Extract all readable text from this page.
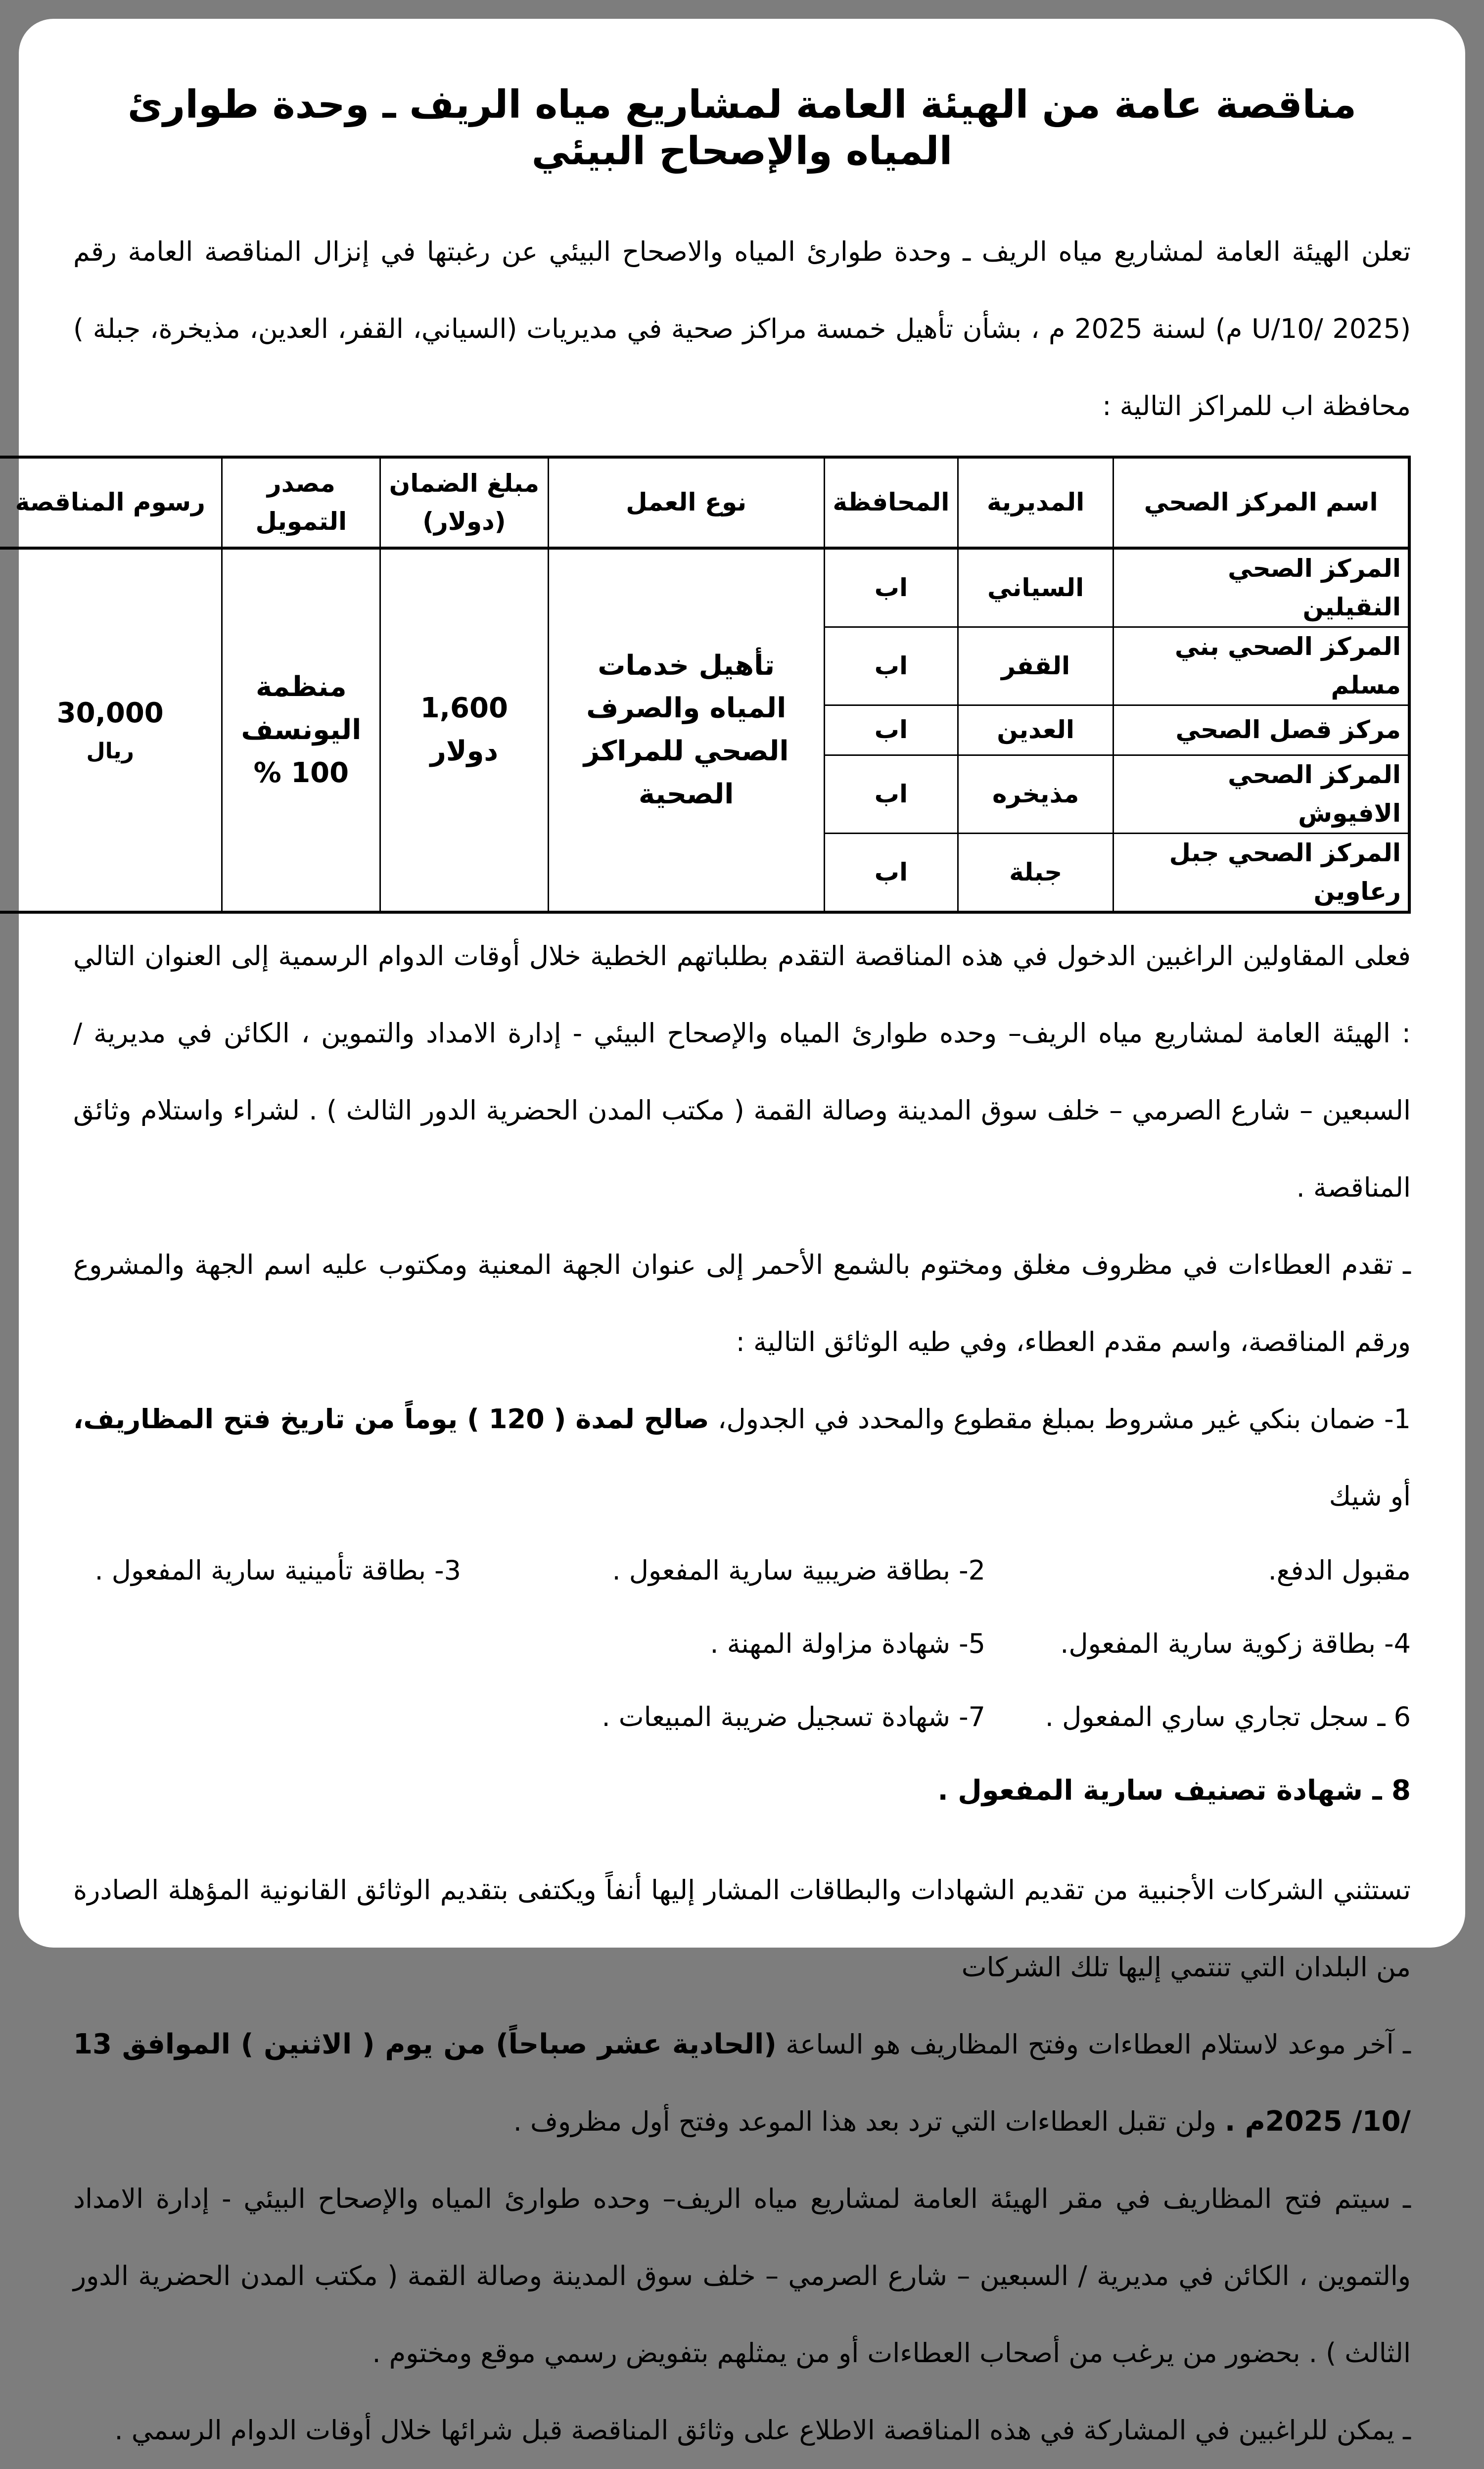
مناقصة عامة من الهيئة العامة لمشاريع مياه الريف ـ وحدة طوارئ المياه والإصحاح البيئي

تعلن الهيئة العامة لمشاريع مياه الريف ـ وحدة طوارئ المياه والاصحاح البيئي عن رغبتها في إنزال المناقصة العامة رقم (U/10/ 2025 م) لسنة 2025 م ، بشأن تأهيل خمسة مراكز صحية في مديريات (السياني، القفر، العدين، مذيخرة، جبلة ) محافظة اب للمراكز التالية :

اسم المركز الصحي	المديرية	المحافظة	نوع العمل	مبلغ الضمان (دولار)	مصدر التمويل	رسوم المناقصة
المركز الصحي النقيلين	السياني	اب	تأهيل خدمات المياه والصرف الصحي للمراكز الصحية	1,600 دولار	منظمة اليونسف 100 %	30,000
ريال

المركز الصحي بني مسلم	القفر	اب				
مركز قصل الصحي	العدين	اب				
المركز الصحي الافيوش	مذيخره	اب				
المركز الصحي جبل رعاوين	جبلة	اب				

فعلى المقاولين الراغبين الدخول في هذه المناقصة التقدم بطلباتهم الخطية خلال أوقات الدوام الرسمية إلى العنوان التالي : الهيئة العامة لمشاريع مياه الريف– وحده طوارئ المياه والإصحاح البيئي - إدارة الامداد والتموين ، الكائن في مديرية / السبعين – شارع الصرمي – خلف سوق المدينة وصالة القمة ( مكتب المدن الحضرية الدور الثالث ) . لشراء واستلام وثائق المناقصة .

ـ تقدم العطاءات في مظروف مغلق ومختوم بالشمع الأحمر إلى عنوان الجهة المعنية ومكتوب عليه اسم الجهة والمشروع ورقم المناقصة، واسم مقدم العطاء، وفي طيه الوثائق التالية :

1- ضمان بنكي غير مشروط بمبلغ مقطوع والمحدد في الجدول، صالح لمدة ( 120 ) يوماً من تاريخ فتح المظاريف، أو شيك

مقبول الدفع.
2- بطاقة ضريبية سارية المفعول .
3- بطاقة تأمينية سارية المفعول .
4- بطاقة زكوية سارية المفعول.
5- شهادة مزاولة المهنة .
6 ـ سجل تجاري ساري المفعول .
7- شهادة تسجيل ضريبة المبيعات .
8 ـ شهادة تصنيف سارية المفعول .

تستثني الشركات الأجنبية من تقديم الشهادات والبطاقات المشار إليها أنفاً ويكتفى بتقديم الوثائق القانونية المؤهلة الصادرة من البلدان التي تنتمي إليها تلك الشركات

ـ آخر موعد لاستلام العطاءات وفتح المظاريف هو الساعة (الحادية عشر صباحاً) من يوم ( الاثنين ) الموافق 13 /10/ 2025م . ولن تقبل العطاءات التي ترد بعد هذا الموعد وفتح أول مظروف .

ـ سيتم فتح المظاريف في مقر الهيئة العامة لمشاريع مياه الريف– وحده طوارئ المياه والإصحاح البيئي - إدارة الامداد والتموين ، الكائن في مديرية / السبعين – شارع الصرمي – خلف سوق المدينة وصالة القمة ( مكتب المدن الحضرية الدور الثالث ) . بحضور من يرغب من أصحاب العطاءات أو من يمثلهم بتفويض رسمي موقع ومختوم .

ـ يمكن للراغبين في المشاركة في هذه المناقصة الاطلاع على وثائق المناقصة قبل شرائها خلال أوقات الدوام الرسمي .
